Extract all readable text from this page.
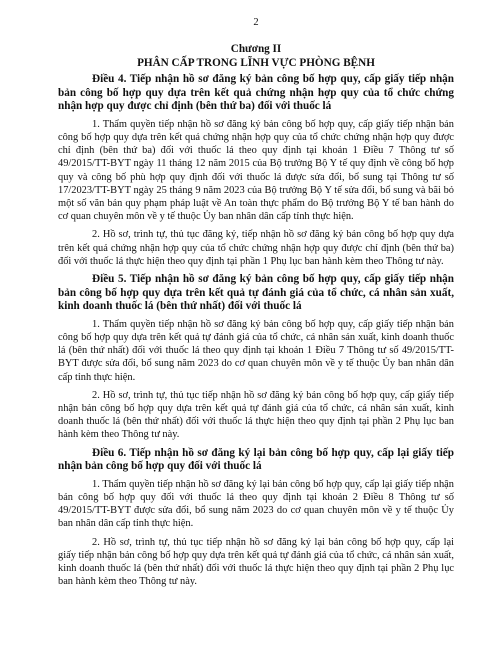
2
Chương II
PHÂN CẤP TRONG LĨNH VỰC PHÒNG BỆNH

Điều 4. Tiếp nhận hồ sơ đăng ký bản công bố hợp quy, cấp giấy tiếp nhận bản công bố hợp quy dựa trên kết quả chứng nhận hợp quy của tổ chức chứng nhận hợp quy được chỉ định (bên thứ ba) đối với thuốc lá

1. Thẩm quyền tiếp nhận hồ sơ đăng ký bản công bố hợp quy, cấp giấy tiếp nhận bản công bố hợp quy dựa trên kết quả chứng nhận hợp quy của tổ chức chứng nhận hợp quy được chỉ định (bên thứ ba) đối với thuốc lá theo quy định tại khoản 1 Điều 7 Thông tư số 49/2015/TT-BYT ngày 11 tháng 12 năm 2015 của Bộ trưởng Bộ Y tế quy định về công bố hợp quy và công bố phù hợp quy định đối với thuốc lá được sửa đổi, bổ sung tại Thông tư số 17/2023/TT-BYT ngày 25 tháng 9 năm 2023 của Bộ trưởng Bộ Y tế sửa đổi, bổ sung và bãi bỏ một số văn bản quy phạm pháp luật về An toàn thực phẩm do Bộ trưởng Bộ Y tế ban hành do cơ quan chuyên môn về y tế thuộc Ủy ban nhân dân cấp tỉnh thực hiện.

2. Hồ sơ, trình tự, thủ tục đăng ký, tiếp nhận hồ sơ đăng ký bản công bố hợp quy dựa trên kết quả chứng nhận hợp quy của tổ chức chứng nhận hợp quy được chỉ định (bên thứ ba) đối với thuốc lá thực hiện theo quy định tại phần 1 Phụ lục ban hành kèm theo Thông tư này.

Điều 5. Tiếp nhận hồ sơ đăng ký bản công bố hợp quy, cấp giấy tiếp nhận bản công bố hợp quy dựa trên kết quả tự đánh giá của tổ chức, cá nhân sản xuất, kinh doanh thuốc lá (bên thứ nhất) đối với thuốc lá

1. Thẩm quyền tiếp nhận hồ sơ đăng ký bản công bố hợp quy, cấp giấy tiếp nhận bản công bố hợp quy dựa trên kết quả tự đánh giá của tổ chức, cá nhân sản xuất, kinh doanh thuốc lá (bên thứ nhất) đối với thuốc lá theo quy định tại khoản 1 Điều 7 Thông tư số 49/2015/TT-BYT được sửa đổi, bổ sung năm 2023 do cơ quan chuyên môn về y tế thuộc Ủy ban nhân dân cấp tỉnh thực hiện.

2. Hồ sơ, trình tự, thủ tục tiếp nhận hồ sơ đăng ký bản công bố hợp quy, cấp giấy tiếp nhận bản công bố hợp quy dựa trên kết quả tự đánh giá của tổ chức, cá nhân sản xuất, kinh doanh thuốc lá (bên thứ nhất) đối với thuốc lá thực hiện theo quy định tại phần 2 Phụ lục ban hành kèm theo Thông tư này.

Điều 6. Tiếp nhận hồ sơ đăng ký lại bản công bố hợp quy, cấp lại giấy tiếp nhận bản công bố hợp quy đối với thuốc lá

1. Thẩm quyền tiếp nhận hồ sơ đăng ký lại bản công bố hợp quy, cấp lại giấy tiếp nhận bản công bố hợp quy đối với thuốc lá theo quy định tại khoản 2 Điều 8 Thông tư số 49/2015/TT-BYT được sửa đổi, bổ sung năm 2023 do cơ quan chuyên môn về y tế thuộc Ủy ban nhân dân cấp tỉnh thực hiện.

2. Hồ sơ, trình tự, thủ tục tiếp nhận hồ sơ đăng ký lại bản công bố hợp quy, cấp lại giấy tiếp nhận bản công bố hợp quy dựa trên kết quả tự đánh giá của tổ chức, cá nhân sản xuất, kinh doanh thuốc lá (bên thứ nhất) đối với thuốc lá thực hiện theo quy định tại phần 2 Phụ lục ban hành kèm theo Thông tư này.
